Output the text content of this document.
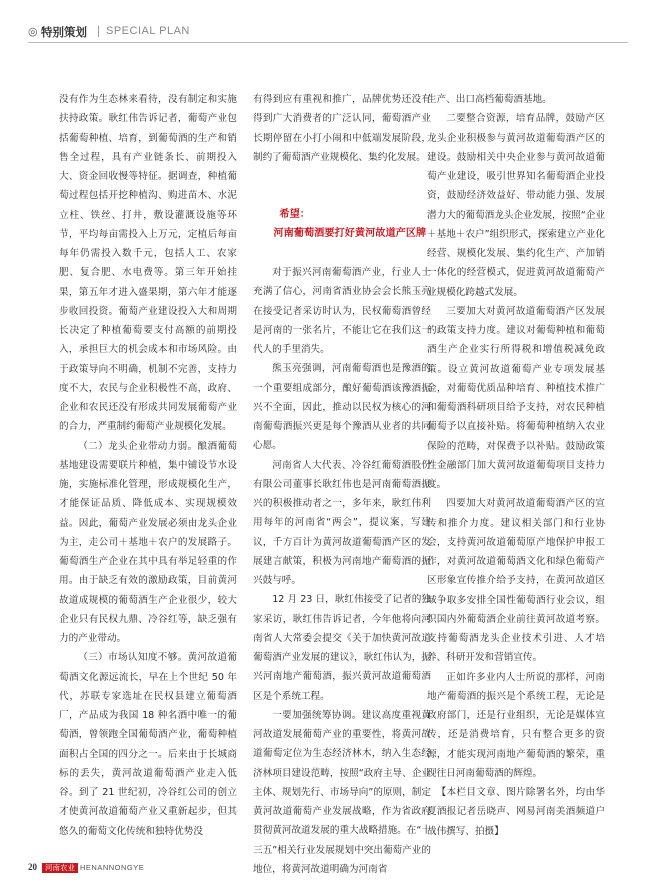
◎ 特别策划 SPECIAL PLAN

没有作为生态林来看待，没有制定和实施扶持政策。耿红伟告诉记者，葡萄产业包括葡萄种植、培育，到葡萄酒的生产和销售全过程，具有产业链条长、前期投入大、资金回收慢等特征。据调查，种植葡萄过程包括开挖种植沟、购进苗木、水泥立柱、铁丝、打井，敷设灌溉设施等环节，平均每亩需投入上万元，定植后每亩每年仍需投入数千元，包括人工、农家肥、复合肥、水电费等。第三年开始挂果，第五年才进入盛果期，第六年才能逐步收回投资。葡萄产业建设投入大和周期长决定了种植葡萄要支付高额的前期投入，承担巨大的机会成本和市场风险。由于政策导向不明确，机制不完善，支持力度不大，农民与企业积极性不高，政府、企业和农民还没有形成共同发展葡萄产业的合力，严重制约葡萄产业规模化发展。

（二）龙头企业带动力弱。酿酒葡萄基地建设需要联片种植，集中铺设节水设施，实施标准化管理，形成规模化生产，才能保证品质、降低成本、实现规模效益。因此，葡萄产业发展必须由龙头企业为主，走公司＋基地＋农户的发展路子。葡萄酒生产企业在其中具有举足轻重的作用。由于缺乏有效的激励政策，目前黄河故道成规模的葡萄酒生产企业很少，较大企业只有民权九鼎、冷谷红等，缺乏强有力的产业带动。

（三）市场认知度不够。黄河故道葡萄酒文化源远流长，早在上个世纪 50 年代，苏联专家选址在民权县建立葡萄酒厂，产品成为我国 18 种名酒中唯一的葡萄酒，曾领跑全国葡萄酒产业，葡萄种植面积占全国的四分之一。后来由于长城商标的丢失，黄河故道葡萄酒产业走入低谷。到了 21 世纪初，冷谷红公司的创立才使黄河故道葡萄产业又重新起步，但其悠久的葡萄文化传统和独特优势没

有得到应有重视和推广，品牌优势还没有得到广大消费者的广泛认同，葡萄酒产业长期停留在小打小闹和中低端发展阶段，制约了葡萄酒产业规模化、集约化发展。

希望：

河南葡萄酒要打好黄河故道产区牌

对于振兴河南葡萄酒产业，行业人士充满了信心，河南省酒业协会会长熊玉亮在接受记者采访时认为，民权葡萄酒曾经是河南的一张名片，不能让它在我们这一代人的手里消失。

熊玉亮强调，河南葡萄酒也是豫酒的一个重要组成部分，酿好葡萄酒该豫酒振兴不全面，因此，推动以民权为核心的河南葡萄酒振兴更是每个豫酒从业者的共同心愿。

河南省人大代表、冷谷红葡萄酒股份有限公司董事长耿红伟也是河南葡萄酒振兴的积极推动者之一，多年来，耿红伟利用每年的河南省“两会”，提议案，写建议，千方百计为黄河故道葡萄酒产区的发展建言献策，积极为河南地产葡萄酒的振兴鼓与呼。

12 月 23 日，耿红伟接受了记者的独家采访，耿红伟告诉记者，今年他将向河南省人大常委会提交《关于加快黄河故道葡萄酒产业发展的建议》，耿红伟认为，振兴河南地产葡萄酒，振兴黄河故道葡萄酒区是个系统工程。

一要加强统筹协调。建议高度重视黄河故道发展葡萄产业的重要性，将黄河故道葡萄定位为生态经济林木，纳入生态经济林项目建设范畴，按照“政府主导、企业主体、规划先行、市场导向”的原则，制定黄河故道葡萄产业发展战略，作为省政府贯彻黄河故道发展的重大战略措施。在“十三五”相关行业发展规划中突出葡萄产业的地位，将黄河故道明确为河南省

生产、出口高档葡萄酒基地。

二要整合资源，培育品牌，鼓励产区龙头企业积极参与黄河故道葡萄酒产区的建设。鼓励相关中央企业参与黄河故道葡萄产业建设，吸引世界知名葡萄酒企业投资，鼓励经济效益好、带动能力强、发展潜力大的葡萄酒龙头企业发展，按照“企业＋基地＋农户”组织形式，探索建立产业化经营、规模化发展、集约化生产、产加销一体化的经营模式，促进黄河故道葡萄产业规模化跨越式发展。

三要加大对黄河故道葡萄酒产区发展的政策支持力度。建议对葡萄种植和葡萄酒生产企业实行所得税和增值税减免政策。设立黄河故道葡萄产业专项发展基金，对葡萄优质品种培育、种植技术推广和葡萄酒科研项目给予支持，对农民种植葡萄予以直接补贴。将葡萄种植纳入农业保险的范畴，对保费予以补贴。鼓励政策性金融部门加大黄河故道葡萄项目支持力度。

四要加大对黄河故道葡萄酒产区的宣传和推介力度。建议相关部门和行业协会，支持黄河故道葡萄原产地保护申报工作，对黄河故道葡萄酒文化和绿色葡萄产区形象宣传推介给予支持，在黄河故道区域争取多安排全国性葡萄酒行业会议，组织国内外葡萄酒企业前往黄河故道考察。支持葡萄酒龙头企业技术引进、人才培养、科研开发和营销宣传。

正如许多业内人士所说的那样，河南地产葡萄酒的振兴是个系统工程，无论是政府部门，还是行业组织，无论是媒体宣传，还是消费培育，只有整合更多的资源，才能实现河南地产葡萄酒的繁荣，重现往日河南葡萄酒的辉煌。

【本栏目文章、图片除署名外，均由华夏酒报记者岳晓声、网易河南美酒频道户战伟撰写、拍摄】

20	河南农业 HENANNONGYE
